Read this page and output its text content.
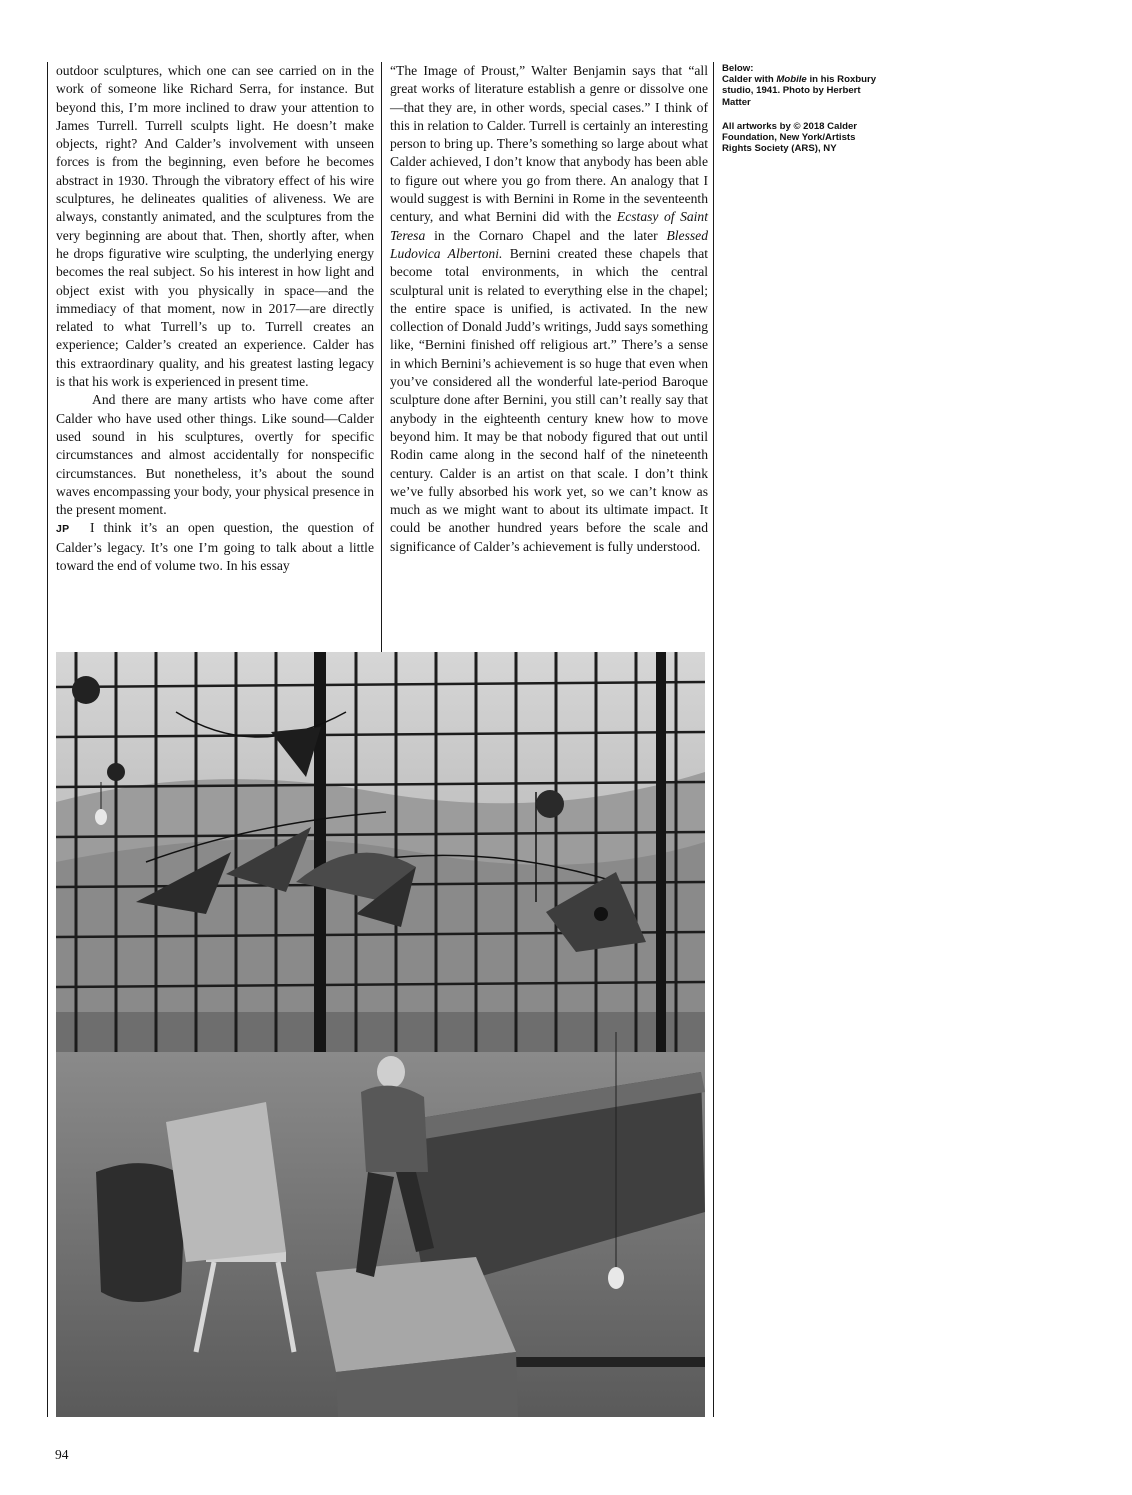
outdoor sculptures, which one can see carried on in the work of someone like Richard Serra, for instance. But beyond this, I’m more inclined to draw your attention to James Turrell. Turrell sculpts light. He doesn’t make objects, right? And Calder’s involvement with unseen forces is from the beginning, even before he becomes abstract in 1930. Through the vibratory effect of his wire sculptures, he delineates qualities of aliveness. We are always, constantly animated, and the sculptures from the very beginning are about that. Then, shortly after, when he drops figurative wire sculpting, the underlying energy becomes the real subject. So his interest in how light and object exist with you physically in space—and the immediacy of that moment, now in 2017—are directly related to what Turrell’s up to. Turrell creates an experience; Calder’s created an experience. Calder has this extraordinary quality, and his greatest lasting legacy is that his work is experienced in present time.

And there are many artists who have come after Calder who have used other things. Like sound—Calder used sound in his sculptures, overtly for specific circumstances and almost accidentally for nonspecific circumstances. But nonetheless, it’s about the sound waves encompassing your body, your physical presence in the present moment.

JP I think it’s an open question, the question of Calder’s legacy. It’s one I’m going to talk about a little toward the end of volume two. In his essay

“The Image of Proust,” Walter Benjamin says that “all great works of literature establish a genre or dissolve one—that they are, in other words, special cases.” I think of this in relation to Calder. Turrell is certainly an interesting person to bring up. There’s something so large about what Calder achieved, I don’t know that anybody has been able to figure out where you go from there. An analogy that I would suggest is with Bernini in Rome in the seventeenth century, and what Bernini did with the Ecstasy of Saint Teresa in the Cornaro Chapel and the later Blessed Ludovica Albertoni. Bernini created these chapels that become total environments, in which the central sculptural unit is related to everything else in the chapel; the entire space is unified, is activated. In the new collection of Donald Judd’s writings, Judd says something like, “Bernini finished off religious art.” There’s a sense in which Bernini’s achievement is so huge that even when you’ve considered all the wonderful late-period Baroque sculpture done after Bernini, you still can’t really say that anybody in the eighteenth century knew how to move beyond him. It may be that nobody figured that out until Rodin came along in the second half of the nineteenth century. Calder is an artist on that scale. I don’t think we’ve fully absorbed his work yet, so we can’t know as much as we might want to about its ultimate impact. It could be another hundred years before the scale and significance of Calder’s achievement is fully understood.

Below:
Calder with Mobile in his Roxbury studio, 1941. Photo by Herbert Matter

All artworks by © 2018 Calder Foundation, New York/Artists Rights Society (ARS), NY

94
